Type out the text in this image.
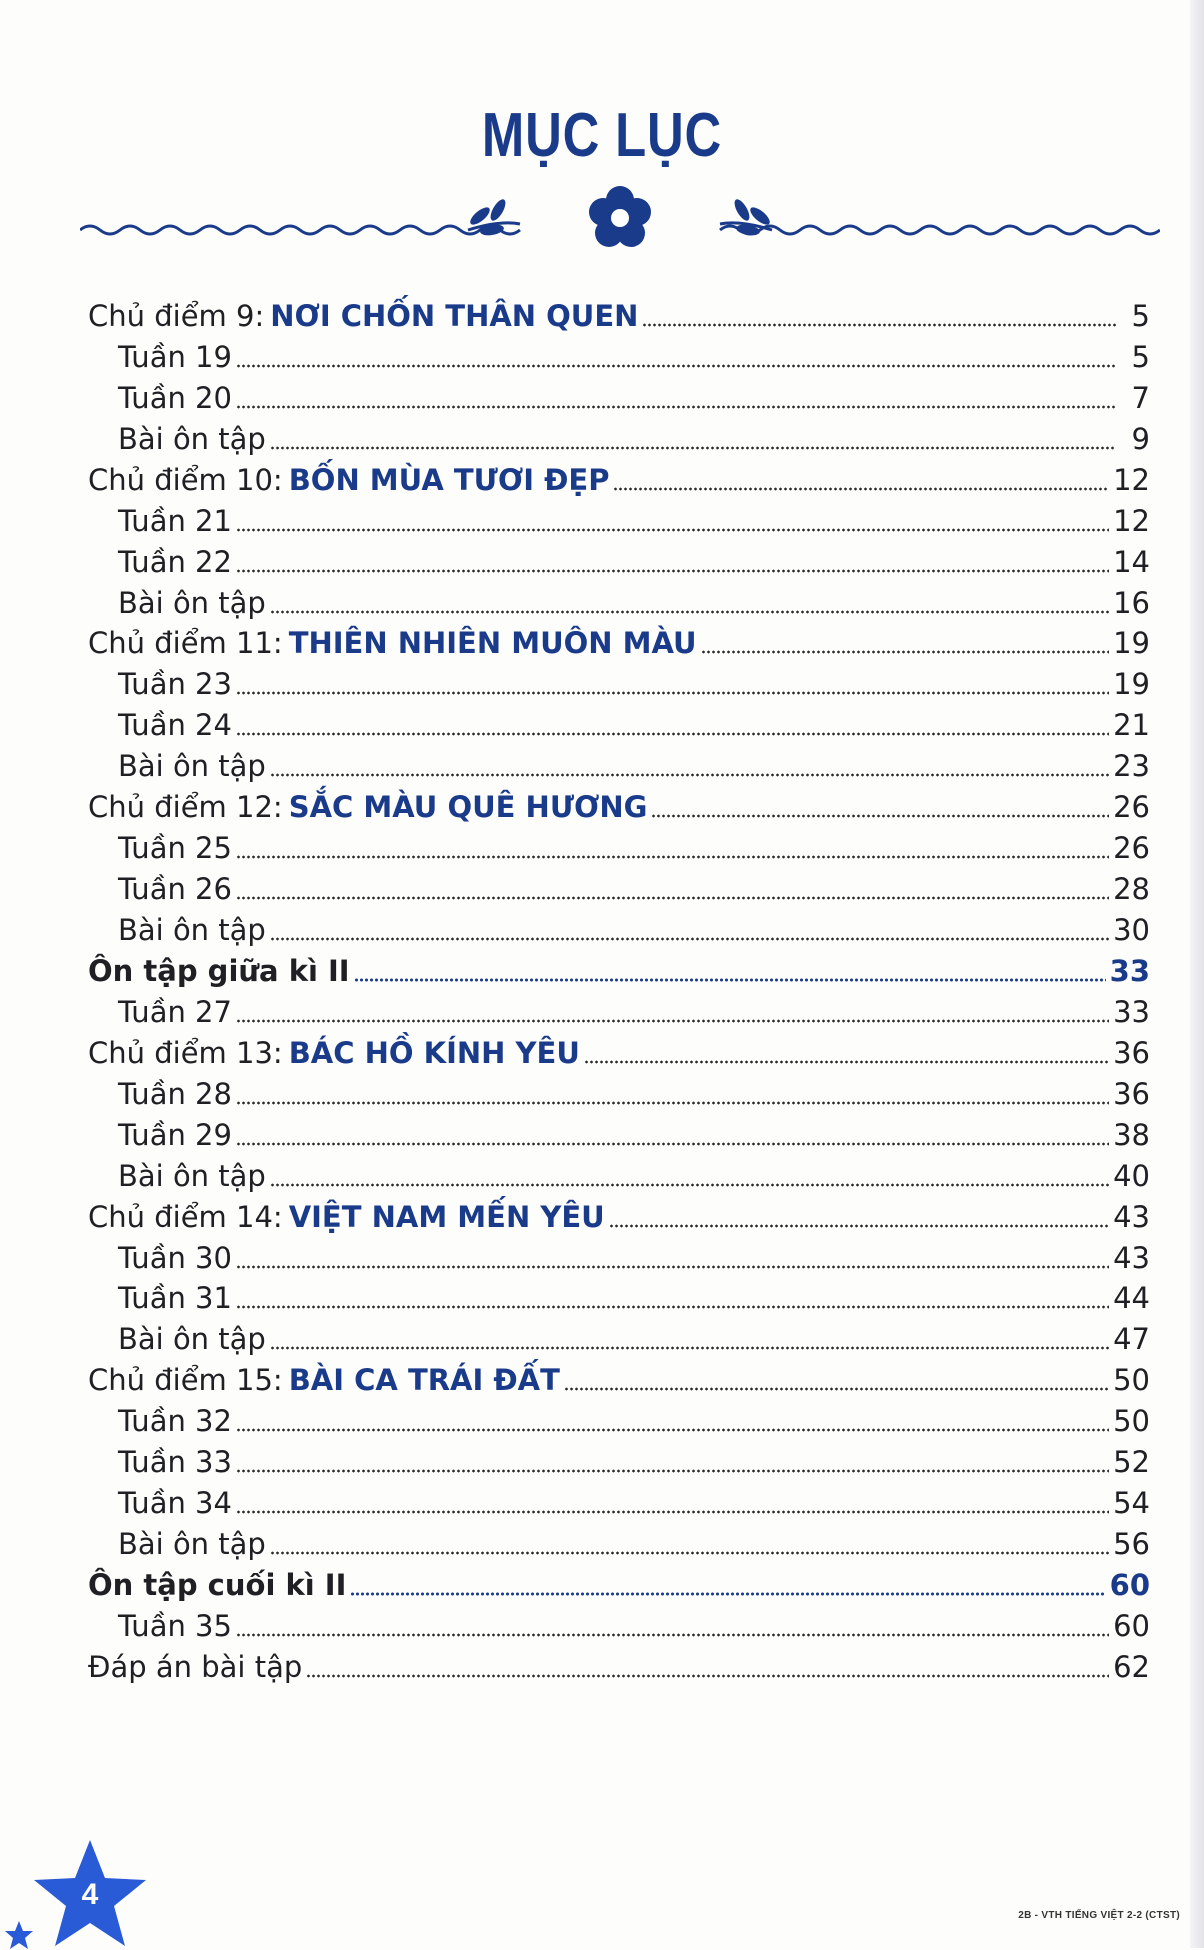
MỤC LỤC
Chủ điểm 9: NƠI CHỐN THÂN QUEN	5
Tuần 19	5
Tuần 20	7
Bài ôn tập	9
Chủ điểm 10: BỐN MÙA TƯƠI ĐẸP	12
Tuần 21	12
Tuần 22	14
Bài ôn tập	16
Chủ điểm 11: THIÊN NHIÊN MUÔN MÀU	19
Tuần 23	19
Tuần 24	21
Bài ôn tập	23
Chủ điểm 12: SẮC MÀU QUÊ HƯƠNG	26
Tuần 25	26
Tuần 26	28
Bài ôn tập	30
Ôn tập giữa kì II	33
Tuần 27	33
Chủ điểm 13: BÁC HỒ KÍNH YÊU	36
Tuần 28	36
Tuần 29	38
Bài ôn tập	40
Chủ điểm 14: VIỆT NAM MẾN YÊU	43
Tuần 30	43
Tuần 31	44
Bài ôn tập	47
Chủ điểm 15: BÀI CA TRÁI ĐẤT	50
Tuần 32	50
Tuần 33	52
Tuần 34	54
Bài ôn tập	56
Ôn tập cuối kì II	60
Tuần 35	60
Đáp án bài tập	62
4
2B - VTH TIẾNG VIỆT 2-2 (CTST)
